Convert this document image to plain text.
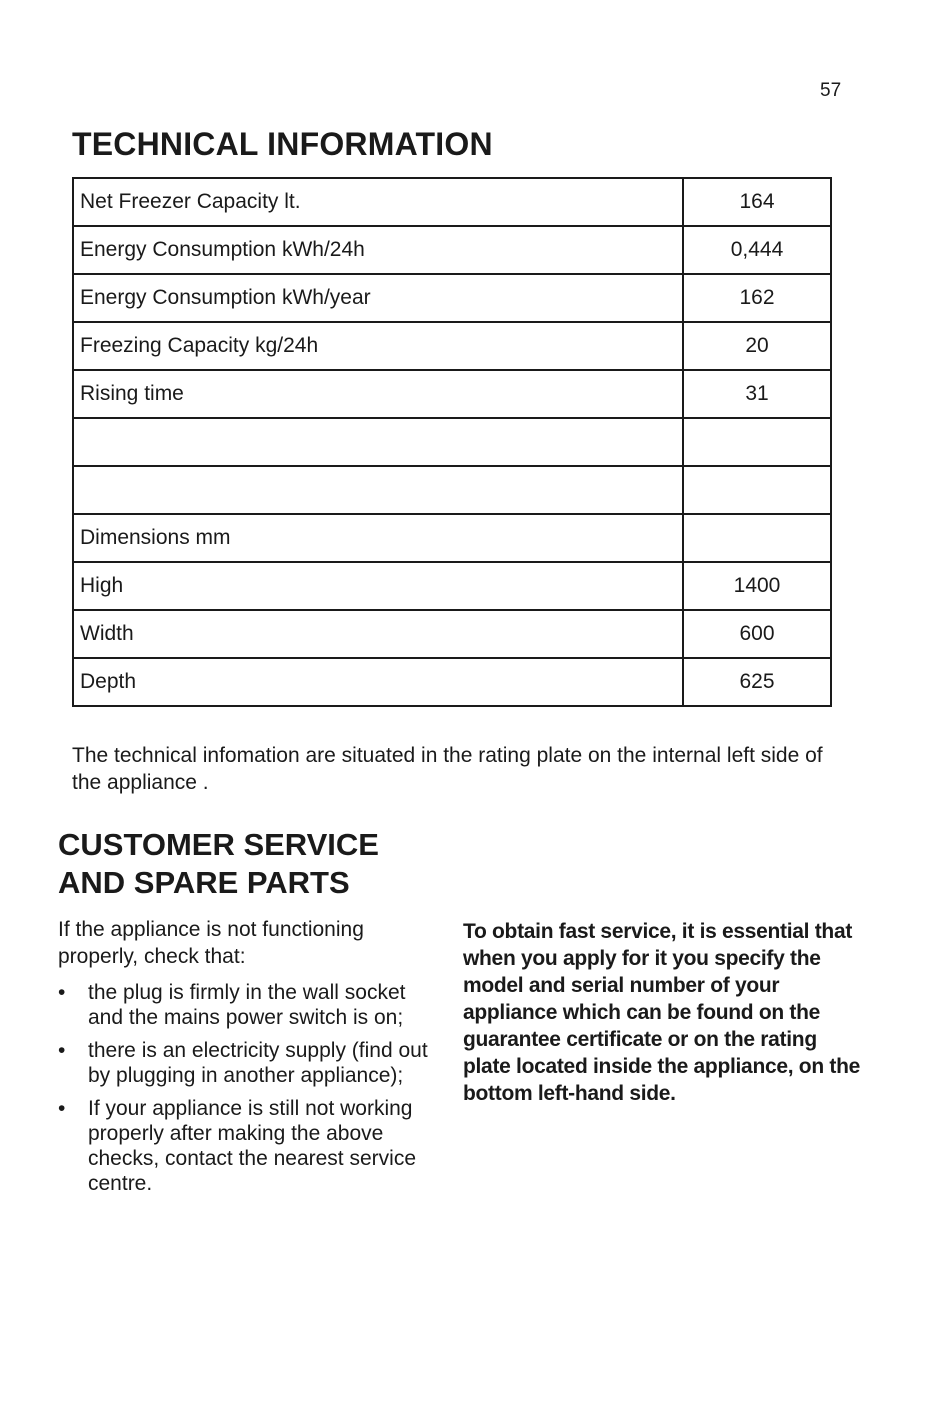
57
TECHNICAL INFORMATION
Net Freezer Capacity lt.	164
Energy Consumption kWh/24h	0,444
Energy Consumption kWh/year	162
Freezing Capacity kg/24h	20
Rising time	31

Dimensions mm	
High	1400
Width	600
Depth	625

The technical infomation are situated in the rating plate on the internal left side of the appliance .

CUSTOMER SERVICE
AND SPARE PARTS

If the appliance is not functioning properly, check that:

• the plug is firmly in the wall socket and the mains power switch is on;
• there is an electricity supply (find out by plugging in another appliance);
• If your appliance is still not working properly after making the above checks, contact the nearest service centre.

To obtain fast service, it is essential that when you apply for it you specify the model and serial number of your appliance which can be found on the guarantee certificate or on the rating plate located inside the appliance, on the bottom left-hand side.
